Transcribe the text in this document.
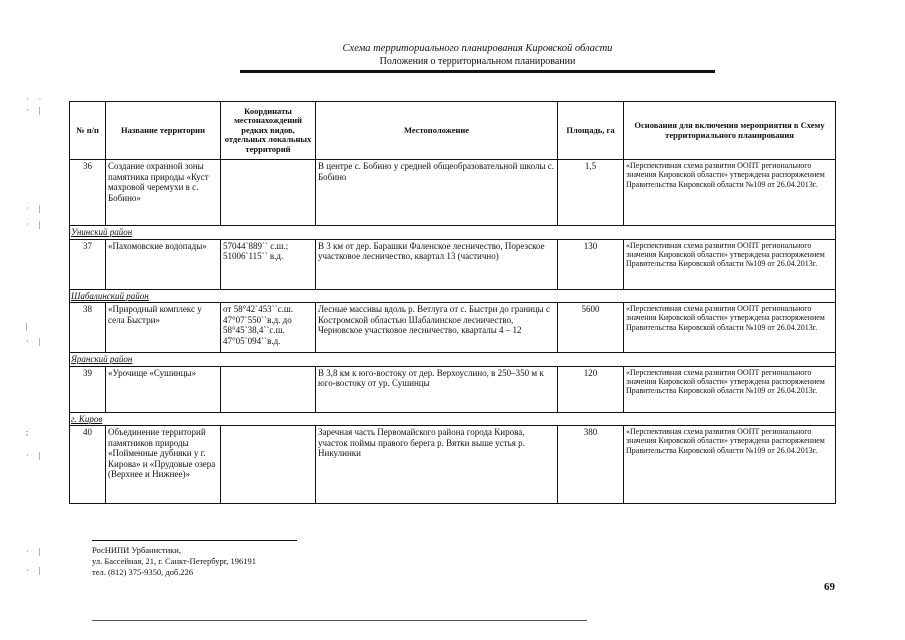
Схема территориального планирования Кировской области
Положения о территориальном планировании
· ·
· |
· |
· |
|
· |
;
· |
· |
· |
№ п/п	Название территории	Координаты местонахождений редких видов, отдельных локальных территорий	Местоположение	Площадь, га	Основания для включения мероприятия в Схему территориального планирования
36	Создание охранной зоны памятника природы «Куст махровой черемухи в с. Бобино»		В центре с. Бобино у средней общеобразовательной школы с. Бобино	1,5	«Перспективная схема развития ООПТ регионального значения Кировской области» утверждена распоряжением Правительства Кировской области №109 от 26.04.2013г.
Унинский район					
37	«Пахомовские водопады»	57044`889`` с.ш.; 51006`115`` в.д.	В 3 км от дер. Барашки Фаленское лесничество, Порезское участковое лесничество, квартал 13 (частично)	130	«Перспективная схема развития ООПТ регионального значения Кировской области» утверждена распоряжением Правительства Кировской области №109 от 26.04.2013г.
Шабалинский район					
38	«Природный комплекс у села Быстри»	от 58°42`453``с.ш. 47°07`550``в.д. до 58°45`38,4``с.ш. 47°05`094``в.д.	Лесные массивы вдоль р. Ветлуга от с. Быстри до границы с Костромской областью Шабалинское лесничество, Черновское участковое лесничество, кварталы 4 – 12	5600	«Перспективная схема развития ООПТ регионального значения Кировской области» утверждена распоряжением Правительства Кировской области №109 от 26.04.2013г.
Яранский район					
39	«Урочище «Сушинцы»		В 3,8 км к юго-востоку от дер. Верхоуслино, в 250–350 м к юго-востоку от ур. Сушинцы	120	«Перспективная схема развития ООПТ регионального значения Кировской области» утверждена распоряжением Правительства Кировской области №109 от 26.04.2013г.
г. Киров					
40	Объединение территорий памятников природы «Пойменные дубняки у г. Кирова» и «Прудовые озера (Верхнее и Нижнее)»		Заречная часть Первомайского района города Кирова, участок поймы правого берега р. Вятки выше устья р. Никулинки	380	«Перспективная схема развития ООПТ регионального значения Кировской области» утверждена распоряжением Правительства Кировской области №109 от 26.04.2013г.
РосНИПИ Урбанистики,
ул. Бассейная, 21, г. Санкт-Петербург, 196191
тел. (812) 375-9350, доб.226
69
